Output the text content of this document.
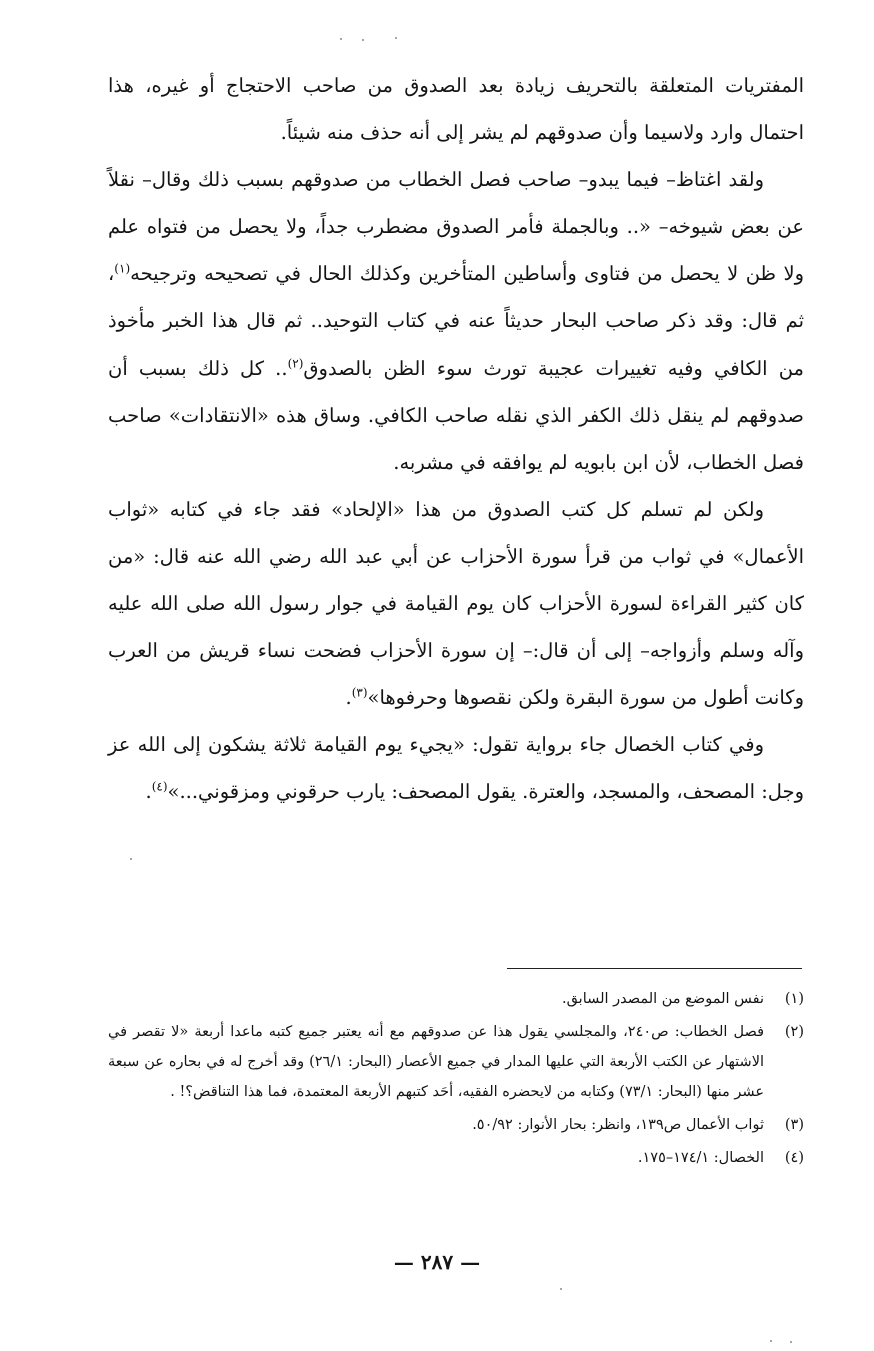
المفتريات المتعلقة بالتحريف زيادة بعد الصدوق من صاحب الاحتجاج أو غيره، هذا احتمال وارد ولاسيما وأن صدوقهم لم يشر إلى أنه حذف منه شيئاً.

ولقد اغتاظ– فيما يبدو– صاحب فصل الخطاب من صدوقهم بسبب ذلك وقال– نقلاً عن بعض شيوخه– «.. وبالجملة فأمر الصدوق مضطرب جداً، ولا يحصل من فتواه علم ولا ظن لا يحصل من فتاوى وأساطين المتأخرين وكذلك الحال في تصحيحه وترجيحه$^{(١)}$، ثم قال: وقد ذكر صاحب البحار حديثاً عنه في كتاب التوحيد.. ثم قال هذا الخبر مأخوذ من الكافي وفيه تغييرات عجيبة تورث سوء الظن بالصدوق$^{(٢)}$.. كل ذلك بسبب أن صدوقهم لم ينقل ذلك الكفر الذي نقله صاحب الكافي. وساق هذه «الانتقادات» صاحب فصل الخطاب، لأن ابن بابويه لم يوافقه في مشربه.

ولكن لم تسلم كل كتب الصدوق من هذا «الإلحاد» فقد جاء في كتابه «ثواب الأعمال» في ثواب من قرأ سورة الأحزاب عن أبي عبد الله رضي الله عنه قال: «من كان كثير القراءة لسورة الأحزاب كان يوم القيامة في جوار رسول الله صلى الله عليه وآله وسلم وأزواجه– إلى أن قال:– إن سورة الأحزاب فضحت نساء قريش من العرب وكانت أطول من سورة البقرة ولكن نقصوها وحرفوها»$^{(٣)}$.

وفي كتاب الخصال جاء برواية تقول: «يجيء يوم القيامة ثلاثة يشكون إلى الله عز وجل: المصحف، والمسجد، والعترة. يقول المصحف: يارب حرقوني ومزقوني...»$^{(٤)}$.

(١)
نفس الموضع من المصدر السابق.
(٢)
فصل الخطاب: ص٢٤٠، والمجلسي يقول هذا عن صدوقهم مع أنه يعتبر جميع كتبه ماعدا أربعة «لا تقصر في الاشتهار عن الكتب الأربعة التي عليها المدار في جميع الأعصار (البحار: ٢٦/١) وقد أخرج له في بحاره عن سبعة عشر منها (البحار: ٧٣/١) وكتابه من لايحضره الفقيه، أحَد كتبهم الأربعة المعتمدة، فما هذا التناقض؟! .
(٣)
ثواب الأعمال ص١٣٩، وانظر: بحار الأنوار: ٥٠/٩٢.
(٤)
الخصال: ١٧٤/١–١٧٥.
— ٢٨٧ —
